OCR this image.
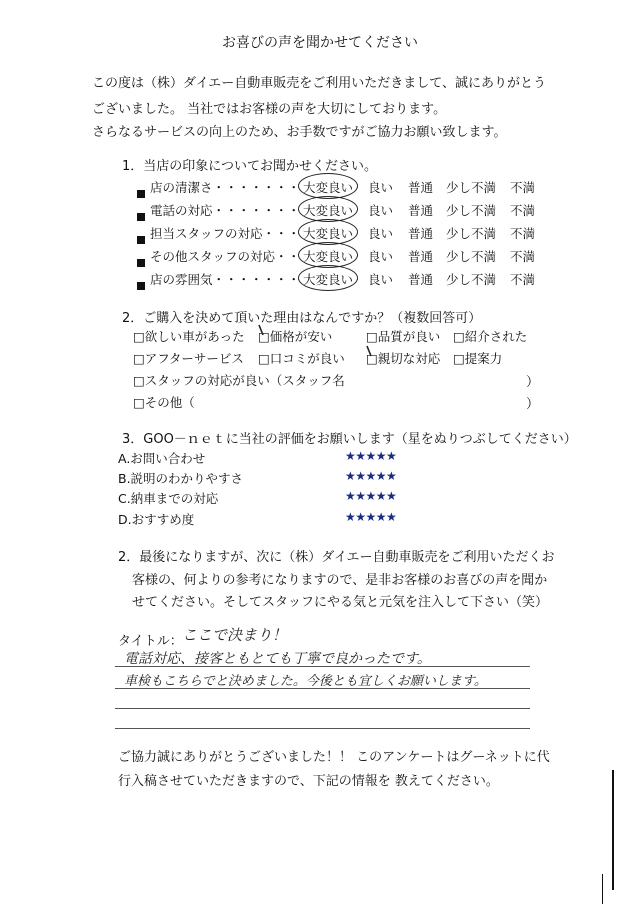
お喜びの声を聞かせてください
この度は（株）ダイエー自動車販売をご利用いただきまして、誠にありがとう
ございました。 当社ではお客様の声を大切にしております。
さらなるサービスの向上のため、お手数ですがご協力お願い致します。
1．当店の印象についてお聞かせください。
店の清潔さ・・・・・・・ 大変良い 良い 普通 少し不満 不満
電話の対応・・・・・・・ 大変良い 良い 普通 少し不満 不満
担当スタッフの対応・・・ 大変良い 良い 普通 少し不満 不満
その他スタッフの対応・・ 大変良い 良い 普通 少し不満 不満
店の雰囲気・・・・・・・ 大変良い 良い 普通 少し不満 不満
2．ご購入を決めて頂いた理由はなんですか？（複数回答可）
□欲しい車があった □価格が安い	□品質が良い □紹介された
□アフターサービス □口コミが良い □親切な対応 □提案力
□スタッフの対応が良い（スタッフ名	）
□その他（	）
3．GOO－ｎｅｔに当社の評価をお願いします（星をぬりつぶしてください）
A.お問い合わせ	★★★★★
B.説明のわかりやすさ	★★★★★
C.納車までの対応	★★★★★
D.おすすめ度	★★★★★
2．最後になりますが、次に（株）ダイエー自動車販売をご利用いただくお
客様の、何よりの参考になりますので、是非お客様のお喜びの声を聞か
せてください。そしてスタッフにやる気と元気を注入して下さい（笑）
タイトル： ここで決まり！
電話対応、接客ともとても丁寧で良かったです。
車検もこちらでと決めました。今後とも宜しくお願いします。
ご協力誠にありがとうございました！！ このアンケートはグーネットに代
行入稿させていただきますので、下記の情報を 教えてください。
